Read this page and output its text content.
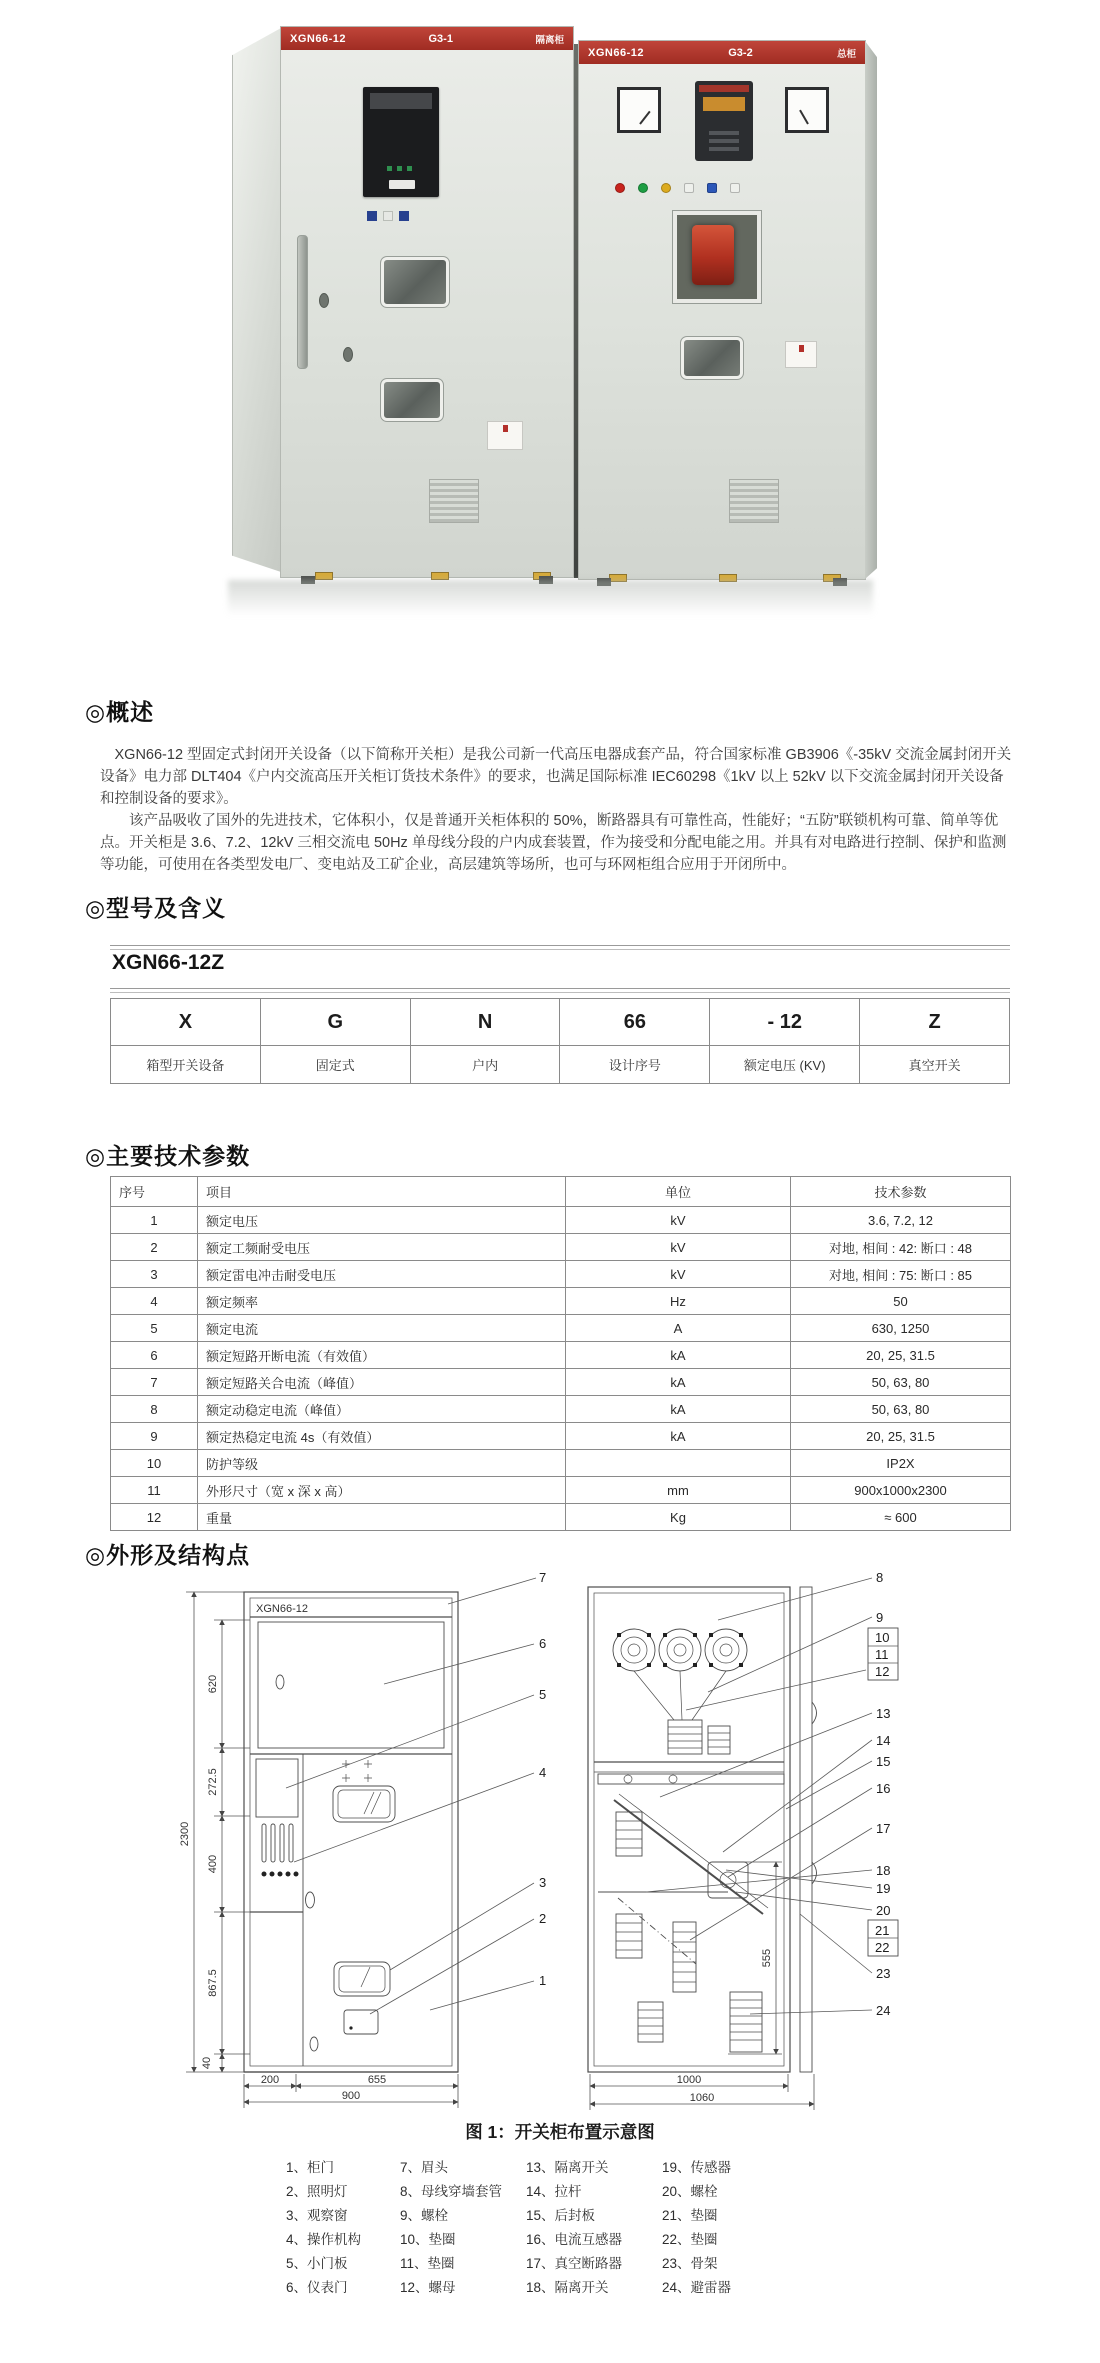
XGN66-12	G3-1	隔离柜
XGN66-12	G3-2	总柜
◎概述

XGN66-12 型固定式封闭开关设备（以下简称开关柜）是我公司新一代高压电器成套产品，符合国家标准 GB3906《-35kV 交流金属封闭开关设备》电力部 DLT404《户内交流高压开关柜订货技术条件》的要求，也满足国际标准 IEC60298《1kV 以上 52kV 以下交流金属封闭开关设备和控制设备的要求》。

该产品吸收了国外的先进技术，它体积小，仅是普通开关柜体积的 50%，断路器具有可靠性高，性能好；“五防”联锁机构可靠、简单等优点。开关柜是 3.6、7.2、12kV 三相交流电 50Hz 单母线分段的户内成套装置，作为接受和分配电能之用。并具有对电路进行控制、保护和监测等功能，可使用在各类型发电厂、变电站及工矿企业，高层建筑等场所，也可与环网柜组合应用于开闭所中。

◎型号及含义
XGN66-12Z
X	G	N	66	- 12	Z
箱型开关设备	固定式	户内	设计序号	额定电压 (KV)	真空开关
◎主要技术参数
序号	项目	单位	技术参数
1	额定电压	kV	3.6, 7.2, 12
2	额定工频耐受电压	kV	对地, 相间 : 42: 断口 : 48
3	额定雷电冲击耐受电压	kV	对地, 相间 : 75: 断口 : 85
4	额定频率	Hz	50
5	额定电流	A	630, 1250
6	额定短路开断电流（有效值）	kA	20, 25, 31.5
7	额定短路关合电流（峰值）	kA	50, 63, 80
8	额定动稳定电流（峰值）	kA	50, 63, 80
9	额定热稳定电流 4s（有效值）	kA	20, 25, 31.5
10	防护等级		IP2X
11	外形尺寸（宽 x 深 x 高）	mm	900x1000x2300
12	重量	Kg	≈ 600
◎外形及结构点
XGN66-12
2300
620
272.5
400
867.5
40
200	655
900
7
6
5
4
3
2
1
555
1000
1060
8
9
10
11
12
13
14
15
16
17
18
19
20
21
22
23
24
图 1：开关柜布置示意图
1、柜门
2、照明灯
3、观察窗
4、操作机构
5、小门板
6、仪表门
7、眉头
8、母线穿墙套管
9、螺栓
10、垫圈
11、垫圈
12、螺母
13、隔离开关
14、拉杆
15、后封板
16、电流互感器
17、真空断路器
18、隔离开关
19、传感器
20、螺栓
21、垫圈
22、垫圈
23、骨架
24、避雷器
